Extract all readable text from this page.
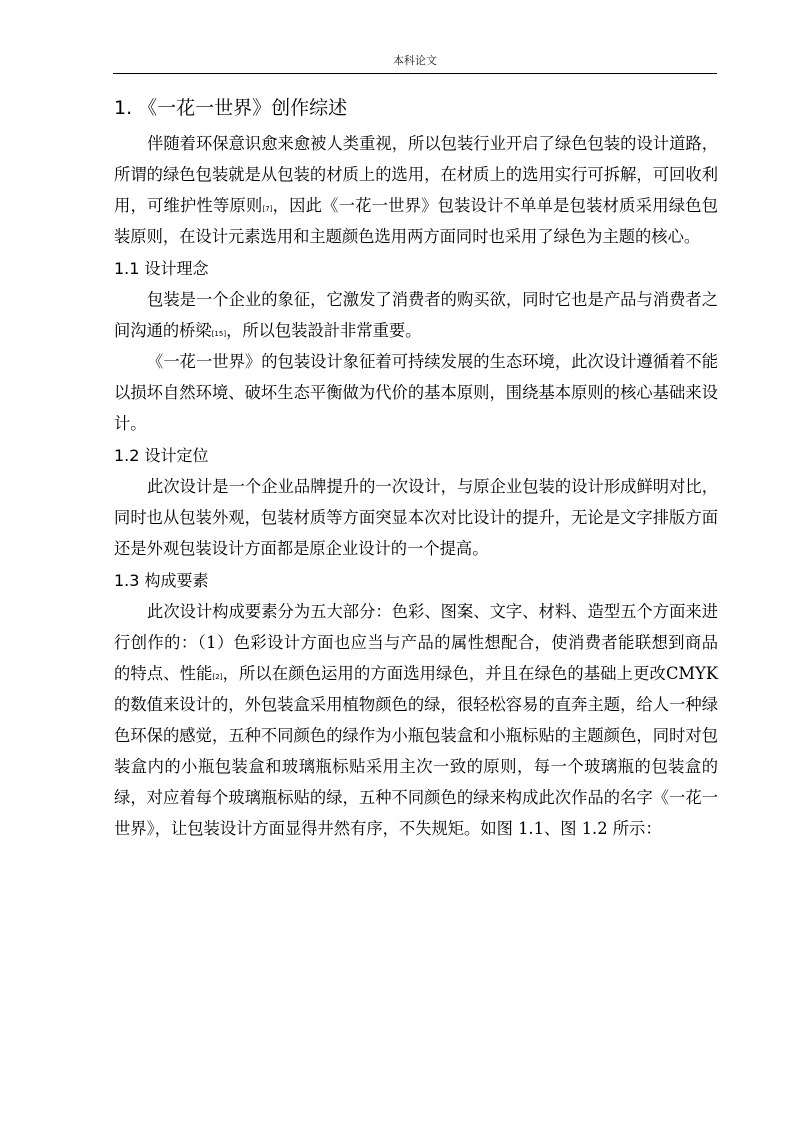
本科论文
1. 《一花一世界》创作综述

伴随着环保意识愈来愈被人类重视，所以包装行业开启了绿色包装的设计道路，所谓的绿色包装就是从包装的材质上的选用，在材质上的选用实行可拆解，可回收利用，可维护性等原则[7]，因此《一花一世界》包装设计不单单是包装材质采用绿色包装原则，在设计元素选用和主题颜色选用两方面同时也采用了绿色为主题的核心。

1.1 设计理念

包装是一个企业的象征，它激发了消费者的购买欲，同时它也是产品与消费者之间沟通的桥梁[15]，所以包装設計非常重要。

《一花一世界》的包装设计象征着可持续发展的生态环境，此次设计遵循着不能以损坏自然环境、破坏生态平衡做为代价的基本原则，围绕基本原则的核心基础来设计。

1.2 设计定位

此次设计是一个企业品牌提升的一次设计，与原企业包装的设计形成鲜明对比，同时也从包装外观，包装材质等方面突显本次对比设计的提升，无论是文字排版方面还是外观包装设计方面都是原企业设计的一个提高。

1.3 构成要素

此次设计构成要素分为五大部分：色彩、图案、文字、材料、造型五个方面来进行创作的：（1）色彩设计方面也应当与产品的属性想配合，使消费者能联想到商品的特点、性能[2]，所以在颜色运用的方面选用绿色，并且在绿色的基础上更改CMYK的数值来设计的，外包装盒采用植物颜色的绿，很轻松容易的直奔主题，给人一种绿色环保的感觉，五种不同颜色的绿作为小瓶包装盒和小瓶标贴的主题颜色，同时对包装盒内的小瓶包装盒和玻璃瓶标贴采用主次一致的原则，每一个玻璃瓶的包装盒的绿，对应着每个玻璃瓶标贴的绿，五种不同颜色的绿来构成此次作品的名字《一花一世界》，让包装设计方面显得井然有序，不失规矩。如图 1.1、图 1.2 所示：
